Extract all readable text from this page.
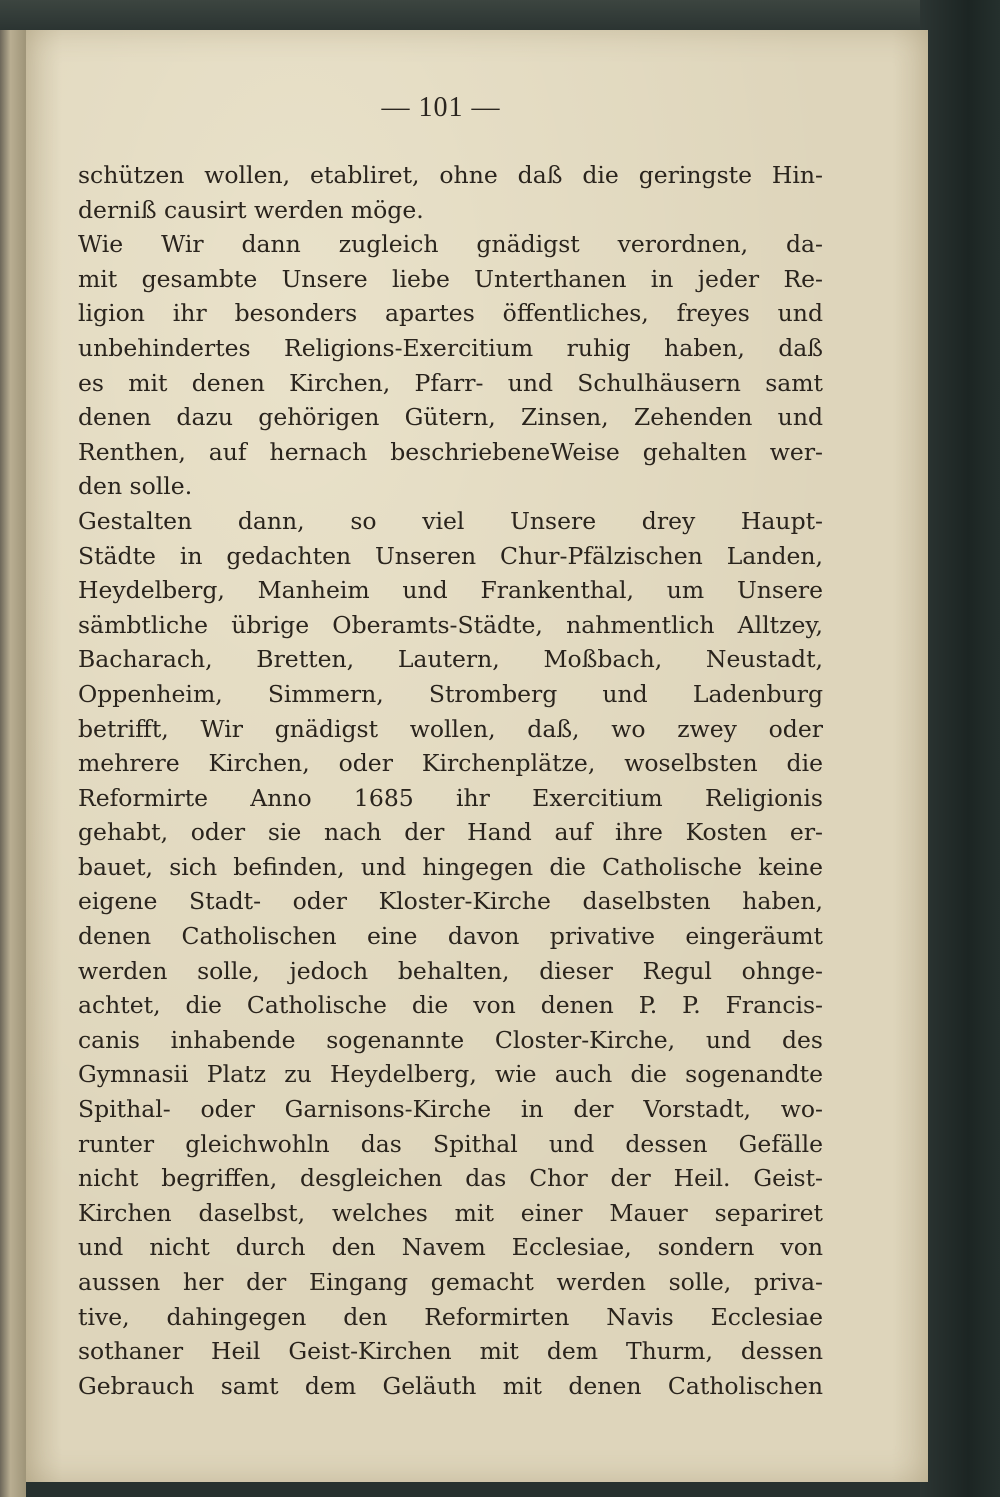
— 101 —
schützen wollen, etabliret, ohne daß die geringste Hin-
derniß causirt werden möge.
Wie Wir dann zugleich gnädigst verordnen, da-
mit gesambte Unsere liebe Unterthanen in jeder Re-
ligion ihr besonders apartes öffentliches, freyes und
unbehindertes Religions-Exercitium ruhig haben, daß
es mit denen Kirchen, Pfarr- und Schulhäusern samt
denen dazu gehörigen Gütern, Zinsen, Zehenden und
Renthen, auf hernach beschriebeneWeise gehalten wer-
den solle.
Gestalten dann, so viel Unsere drey Haupt-
Städte in gedachten Unseren Chur-Pfälzischen Landen,
Heydelberg, Manheim und Frankenthal, um Unsere
sämbtliche übrige Oberamts-Städte, nahmentlich Alltzey,
Bacharach, Bretten, Lautern, Moßbach, Neustadt,
Oppenheim, Simmern, Stromberg und Ladenburg
betrifft, Wir gnädigst wollen, daß, wo zwey oder
mehrere Kirchen, oder Kirchenplätze, woselbsten die
Reformirte Anno 1685 ihr Exercitium Religionis
gehabt, oder sie nach der Hand auf ihre Kosten er-
bauet, sich befinden, und hingegen die Catholische keine
eigene Stadt- oder Kloster-Kirche daselbsten haben,
denen Catholischen eine davon privative eingeräumt
werden solle, jedoch behalten, dieser Regul ohnge-
achtet, die Catholische die von denen P. P. Francis-
canis inhabende sogenannte Closter-Kirche, und des
Gymnasii Platz zu Heydelberg, wie auch die sogenandte
Spithal- oder Garnisons-Kirche in der Vorstadt, wo-
runter gleichwohln das Spithal und dessen Gefälle
nicht begriffen, desgleichen das Chor der Heil. Geist-
Kirchen daselbst, welches mit einer Mauer separiret
und nicht durch den Navem Ecclesiae, sondern von
aussen her der Eingang gemacht werden solle, priva-
tive, dahingegen den Reformirten Navis Ecclesiae
sothaner Heil Geist-Kirchen mit dem Thurm, dessen
Gebrauch samt dem Geläuth mit denen Catholischen
